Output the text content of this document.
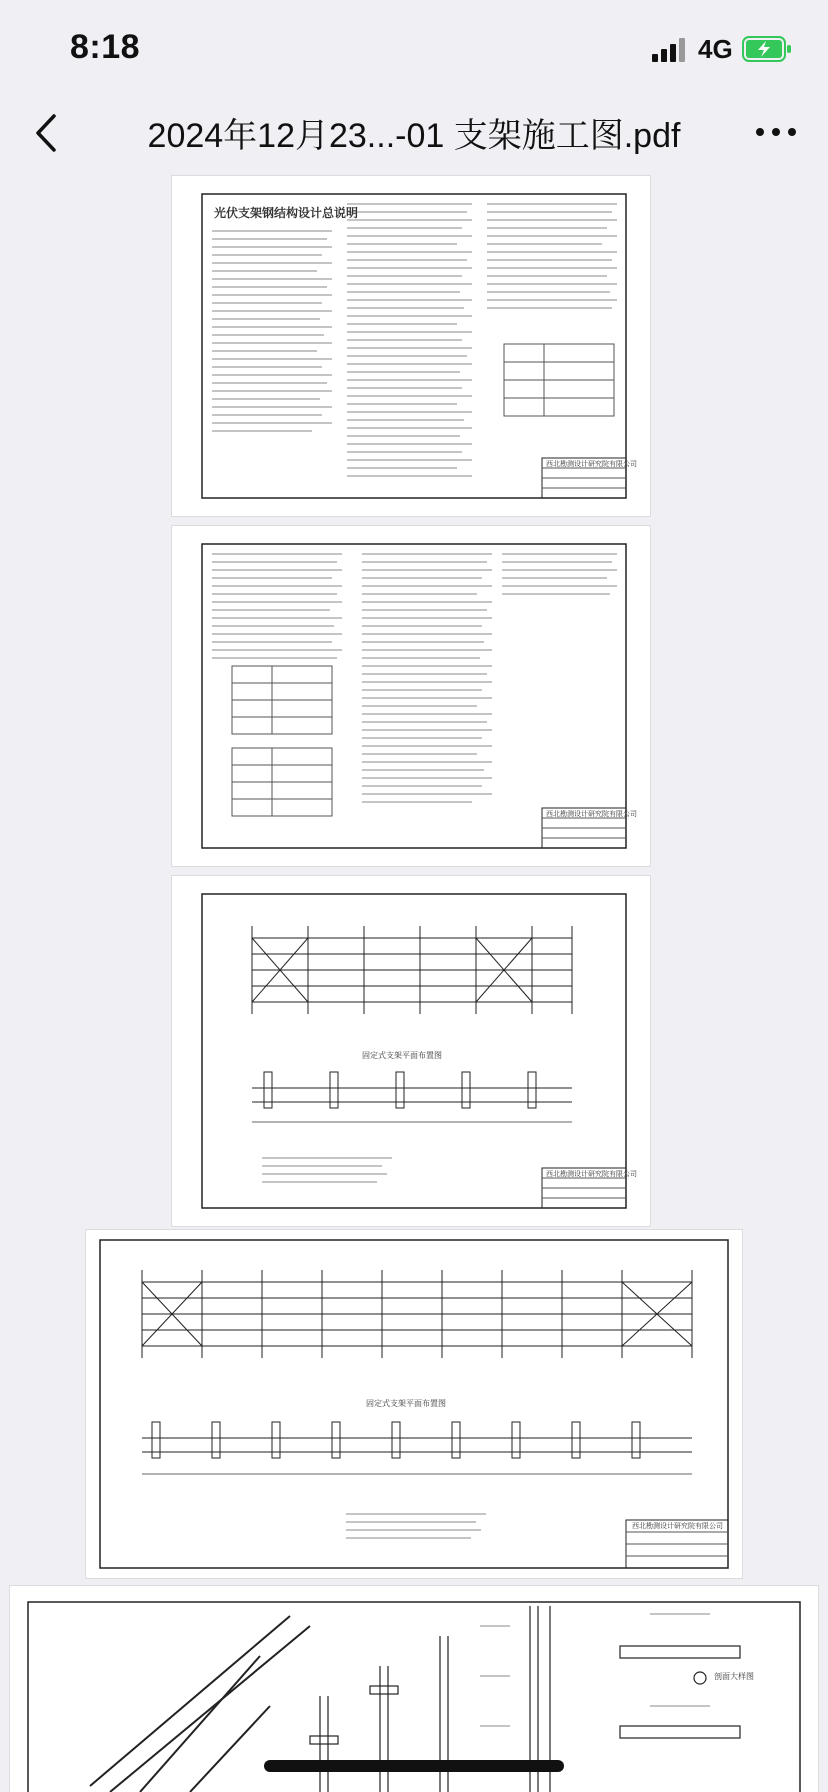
8:18	4G
2024年12月23...-01 支架施工图.pdf
光伏支架钢结构设计总说明
西北勘测设计研究院有限公司
西北勘测设计研究院有限公司
固定式支架平面布置图
西北勘测设计研究院有限公司
固定式支架平面布置图
西北勘测设计研究院有限公司
剖面大样图
